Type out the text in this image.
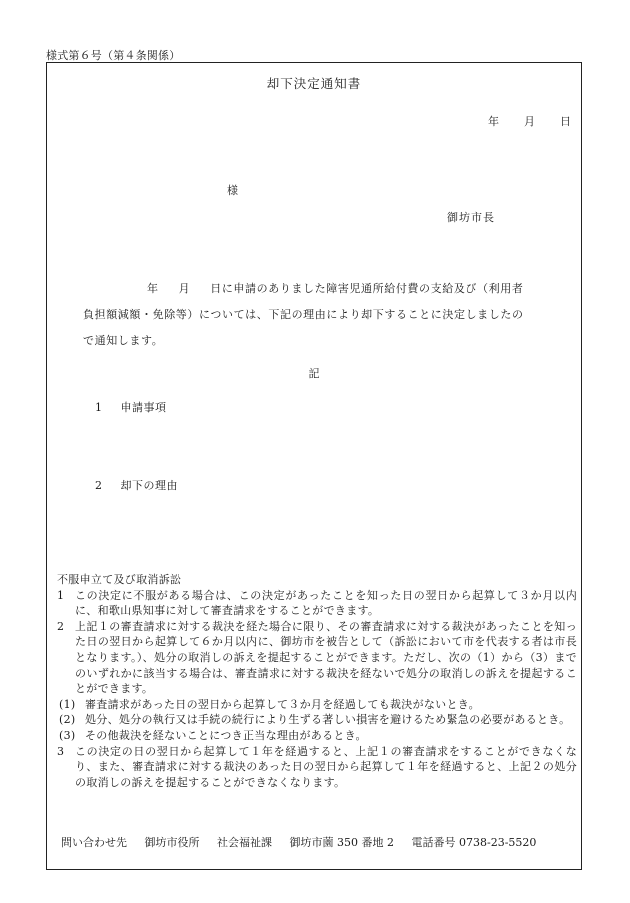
様式第６号（第４条関係）
却下決定通知書
年 月 日
様
御坊市長
年 月 日に申請のありました障害児通所給付費の支給及び（利用者
負担額減額・免除等）については、下記の理由により却下することに決定しましたの
で通知します。
記
1 申請事項
2 却下の理由
不服申立て及び取消訴訟
1 この決定に不服がある場合は、この決定があったことを知った日の翌日から起算して３か月以内に、和歌山県知事に対して審査請求をすることができます。
2 上記１の審査請求に対する裁決を経た場合に限り、その審査請求に対する裁決があったことを知った日の翌日から起算して６か月以内に、御坊市を被告として（訴訟において市を代表する者は市長となります。）、処分の取消しの訴えを提起することができます。ただし、次の（1）から（3）までのいずれかに該当する場合は、審査請求に対する裁決を経ないで処分の取消しの訴えを提起することができます。
(1) 審査請求があった日の翌日から起算して３か月を経過しても裁決がないとき。
(2) 処分、処分の執行又は手続の続行により生ずる著しい損害を避けるため緊急の必要があるとき。
(3) その他裁決を経ないことにつき正当な理由があるとき。
3 この決定の日の翌日から起算して１年を経過すると、上記１の審査請求をすることができなくなり、また、審査請求に対する裁決のあった日の翌日から起算して１年を経過すると、上記２の処分の取消しの訴えを提起することができなくなります。
問い合わせ先 御坊市役所 社会福祉課 御坊市薗 350 番地 2 電話番号 0738-23-5520
